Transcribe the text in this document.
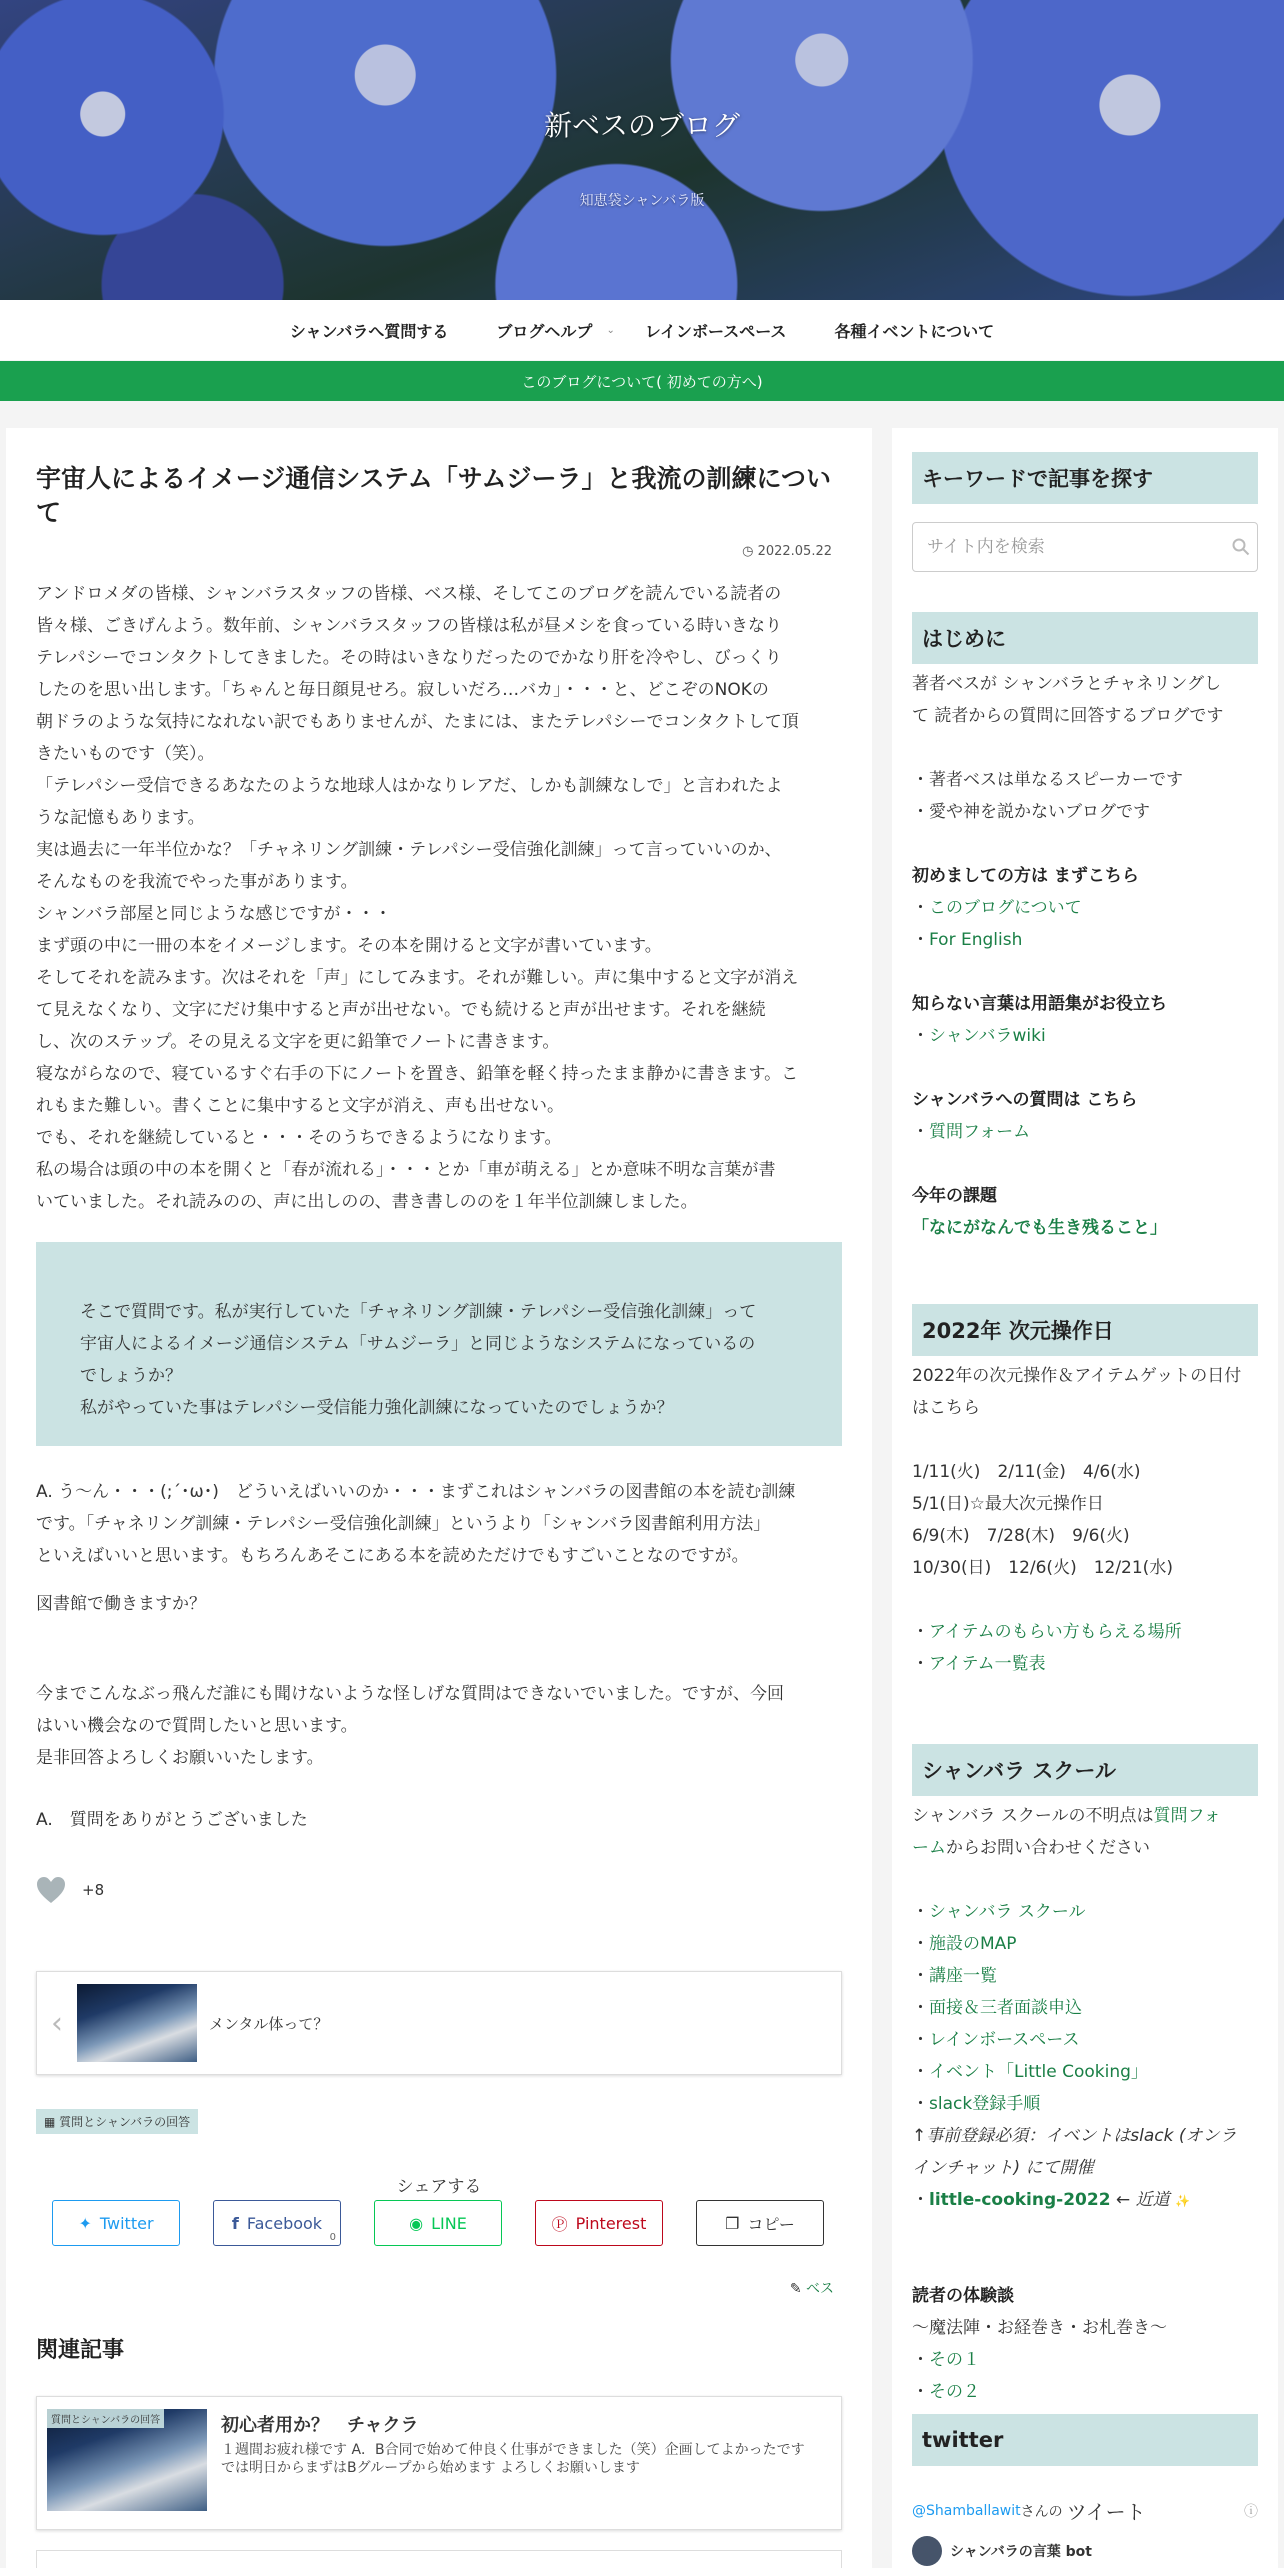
新ベスのブログ
知恵袋シャンバラ版
シャンバラへ質問する	ブログヘルプ	⌄	レインボースペース	各種イベントについて
このブログについて( 初めての方へ)
宇宙人によるイメージ通信システム「サムジーラ」と我流の訓練について
◷ 2022.05.22
アンドロメダの皆様、シャンバラスタッフの皆様、ベス様、そしてこのブログを読んでいる読者の
皆々様、ごきげんよう。数年前、シャンバラスタッフの皆様は私が昼メシを食っている時いきなり
テレパシーでコンタクトしてきました。その時はいきなりだったのでかなり肝を冷やし、びっくり
したのを思い出します。「ちゃんと毎日顔見せろ。寂しいだろ…バカ」・・・と、どこぞのNOKの
朝ドラのような気持になれない訳でもありませんが、たまには、またテレパシーでコンタクトして頂
きたいものです（笑）。
「テレパシー受信できるあなたのような地球人はかなりレアだ、しかも訓練なしで」と言われたよ
うな記憶もあります。
実は過去に一年半位かな？「チャネリング訓練・テレパシー受信強化訓練」って言っていいのか、
そんなものを我流でやった事があります。
シャンバラ部屋と同じような感じですが・・・
まず頭の中に一冊の本をイメージします。その本を開けると文字が書いています。
そしてそれを読みます。次はそれを「声」にしてみます。それが難しい。声に集中すると文字が消え
て見えなくなり、文字にだけ集中すると声が出せない。でも続けると声が出せます。それを継続
し、次のステップ。その見える文字を更に鉛筆でノートに書きます。
寝ながらなので、寝ているすぐ右手の下にノートを置き、鉛筆を軽く持ったまま静かに書きます。こ
れもまた難しい。書くことに集中すると文字が消え、声も出せない。
でも、それを継続していると・・・そのうちできるようになります。
私の場合は頭の中の本を開くと「春が流れる」・・・とか「車が萌える」とか意味不明な言葉が書
いていました。それ読みのの、声に出しのの、書き書しののを１年半位訓練しました。
そこで質問です。私が実行していた「チャネリング訓練・テレパシー受信強化訓練」って
宇宙人によるイメージ通信システム「サムジーラ」と同じようなシステムになっているの
でしょうか？
私がやっていた事はテレパシー受信能力強化訓練になっていたのでしょうか？
A. う～ん・・・(;´･ω･)　どういえばいいのか・・・まずこれはシャンバラの図書館の本を読む訓練
です。「チャネリング訓練・テレパシー受信強化訓練」というより「シャンバラ図書館利用方法」
といえばいいと思います。もちろんあそこにある本を読めただけでもすごいことなのですが。
図書館で働きますか？
今までこんなぶっ飛んだ誰にも聞けないような怪しげな質問はできないでいました。ですが、今回
はいい機会なので質問したいと思います。
是非回答よろしくお願いいたします。
A.　質問をありがとうございました
+8
‹	メンタル体って？
▦ 質問とシャンバラの回答
シェアする
✦ Twitter	f Facebook
0
◉ LINE	Ⓟ Pinterest	❐ コピー
✎ ベス
関連記事
質問とシャンバラの回答	初心者用か？　チャクラ
１週間お疲れ様です A．B合同で始めて仲良く仕事ができました（笑）企画してよかったです
では明日からまずはBグループから始めます よろしくお願いします
キーワードで記事を探す
サイト内を検索
はじめに
著者ベスが シャンバラとチャネリングし
て 読者からの質問に回答するブログです
・著者ベスは単なるスピーカーです
・愛や神を説かないブログです
初めましての方は まずこちら
・このブログについて
・For English
知らない言葉は用語集がお役立ち
・シャンバラwiki
シャンバラへの質問は こちら
・質問フォーム
今年の課題
「なにがなんでも生き残ること」
2022年 次元操作日
2022年の次元操作＆アイテムゲットの日付
はこちら
1/11(火)　2/11(金)　4/6(水)
5/1(日)☆最大次元操作日
6/9(木)　7/28(木)　9/6(火)
10/30(日)　12/6(火)　12/21(水)
・アイテムのもらい方もらえる場所
・アイテム一覧表
シャンバラ スクール
シャンバラ スクールの不明点は質問フォ
ームからお問い合わせください
・シャンバラ スクール
・施設のMAP
・講座一覧
・面接＆三者面談申込
・レインボースペース
・イベント「Little Cooking」
・slack登録手順
↑事前登録必須：イベントはslack (オンラ
インチャット) にて開催
・little-cooking-2022 ← 近道 ✨
読者の体験談
～魔法陣・お経巻き・お札巻き～
・その１
・その２
twitter
@Shamballawit さんの ツイート	ⓘ
シャンバラの言葉 bot
